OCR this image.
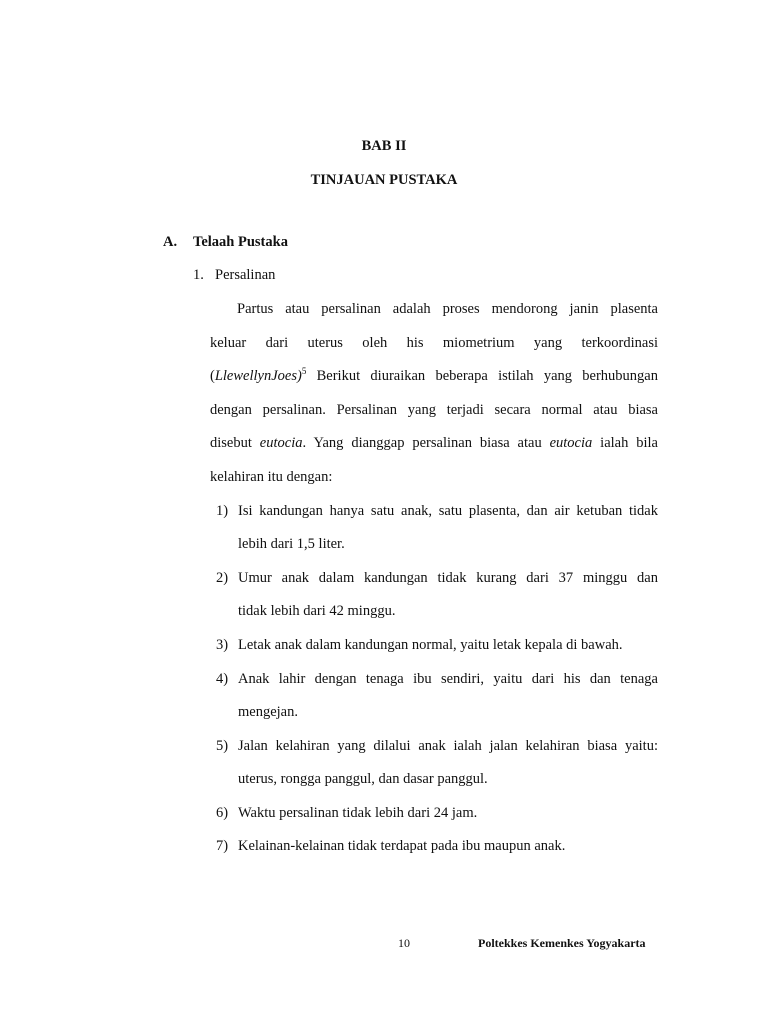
BAB II
TINJAUAN PUSTAKA
A. Telaah Pustaka
1. Persalinan
Partus atau persalinan adalah proses mendorong janin plasenta
keluar dari uterus oleh his miometrium yang terkoordinasi
(LlewellynJoes)$^5$ Berikut diuraikan beberapa istilah yang berhubungan
dengan persalinan. Persalinan yang terjadi secara normal atau biasa
disebut eutocia. Yang dianggap persalinan biasa atau eutocia ialah bila
kelahiran itu dengan:
1) Isi kandungan hanya satu anak, satu plasenta, dan air ketuban tidak
lebih dari 1,5 liter.
2) Umur anak dalam kandungan tidak kurang dari 37 minggu dan
tidak lebih dari 42 minggu.
3) Letak anak dalam kandungan normal, yaitu letak kepala di bawah.
4) Anak lahir dengan tenaga ibu sendiri, yaitu dari his dan tenaga
mengejan.
5) Jalan kelahiran yang dilalui anak ialah jalan kelahiran biasa yaitu:
uterus, rongga panggul, dan dasar panggul.
6) Waktu persalinan tidak lebih dari 24 jam.
7) Kelainan-kelainan tidak terdapat pada ibu maupun anak.
10	Poltekkes Kemenkes Yogyakarta
